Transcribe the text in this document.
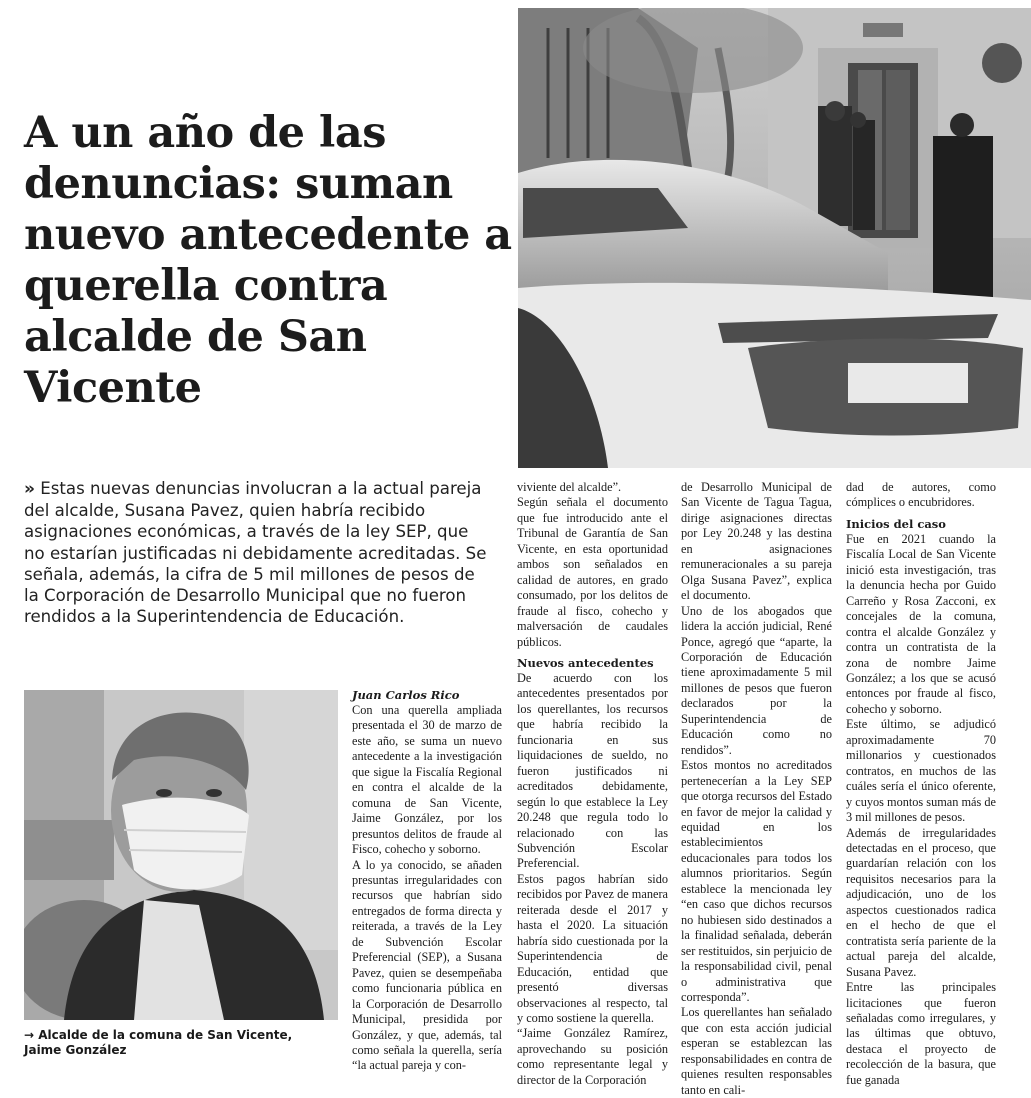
A un año de las denuncias: suman nuevo antecedente a querella contra alcalde de San Vicente

» Estas nuevas denuncias involucran a la actual pareja del alcalde, Susana Pavez, quien habría recibido asignaciones económicas, a través de la ley SEP, que no estarían justificadas ni debidamente acreditadas. Se señala, además, la cifra de 5 mil millones de pesos de la Corporación de Desarrollo Municipal que no fueron rendidos a la Superintendencia de Educación.

→ Alcalde de la comuna de San Vicente, Jaime González

Juan Carlos Rico

Con una querella ampliada presentada el 30 de marzo de este año, se suma un nuevo antecedente a la investigación que sigue la Fiscalía Regional en contra el alcalde de la comuna de San Vicente, Jaime González, por los presuntos delitos de fraude al Fisco, cohecho y soborno.

A lo ya conocido, se añaden presuntas irregularidades con recursos que habrían sido entregados de forma directa y reiterada, a través de la Ley de Subvención Escolar Preferencial (SEP), a Susana Pavez, quien se desempeñaba como funcionaria pública en la Corporación de Desarrollo Municipal, presidida por González, y que, además, tal como señala la querella, sería “la actual pareja y con-

viviente del alcalde”.

Según señala el documento que fue introducido ante el Tribunal de Garantía de San Vicente, en esta oportunidad ambos son señalados en calidad de autores, en grado consumado, por los delitos de fraude al fisco, cohecho y malversación de caudales públicos.

Nuevos antecedentes

De acuerdo con los antecedentes presentados por los querellantes, los recursos que habría recibido la funcionaria en sus liquidaciones de sueldo, no fueron justificados ni acreditados debidamente, según lo que establece la Ley 20.248 que regula todo lo relacionado con las Subvención Escolar Preferencial.

Estos pagos habrían sido recibidos por Pavez de manera reiterada desde el 2017 y hasta el 2020. La situación habría sido cuestionada por la Superintendencia de Educación, entidad que presentó diversas observaciones al respecto, tal y como sostiene la querella.

“Jaime González Ramírez, aprovechando su posición como representante legal y director de la Corporación

de Desarrollo Municipal de San Vicente de Tagua Tagua, dirige asignaciones directas por Ley 20.248 y las destina en asignaciones remuneracionales a su pareja Olga Susana Pavez”, explica el documento.

Uno de los abogados que lidera la acción judicial, René Ponce, agregó que “aparte, la Corporación de Educación tiene aproximadamente 5 mil millones de pesos que fueron declarados por la Superintendencia de Educación como no rendidos”.

Estos montos no acreditados pertenecerían a la Ley SEP que otorga recursos del Estado en favor de mejor la calidad y equidad en los establecimientos educacionales para todos los alumnos prioritarios. Según establece la mencionada ley “en caso que dichos recursos no hubiesen sido destinados a la finalidad señalada, deberán ser restituidos, sin perjuicio de la responsabilidad civil, penal o administrativa que corresponda”.

Los querellantes han señalado que con esta acción judicial esperan se establezcan las responsabilidades en contra de quienes resulten responsables tanto en cali-

dad de autores, como cómplices o encubridores.

Inicios del caso

Fue en 2021 cuando la Fiscalía Local de San Vicente inició esta investigación, tras la denuncia hecha por Guido Carreño y Rosa Zacconi, ex concejales de la comuna, contra el alcalde González y contra un contratista de la zona de nombre Jaime González; a los que se acusó entonces por fraude al fisco, cohecho y soborno.

Este último, se adjudicó aproximadamente 70 millonarios y cuestionados contratos, en muchos de las cuáles sería el único oferente, y cuyos montos suman más de 3 mil millones de pesos.

Además de irregularidades detectadas en el proceso, que guardarían relación con los requisitos necesarios para la adjudicación, uno de los aspectos cuestionados radica en el hecho de que el contratista sería pariente de la actual pareja del alcalde, Susana Pavez.

Entre las principales licitaciones que fueron señaladas como irregulares, y las últimas que obtuvo, destaca el proyecto de recolección de la basura, que fue ganada
